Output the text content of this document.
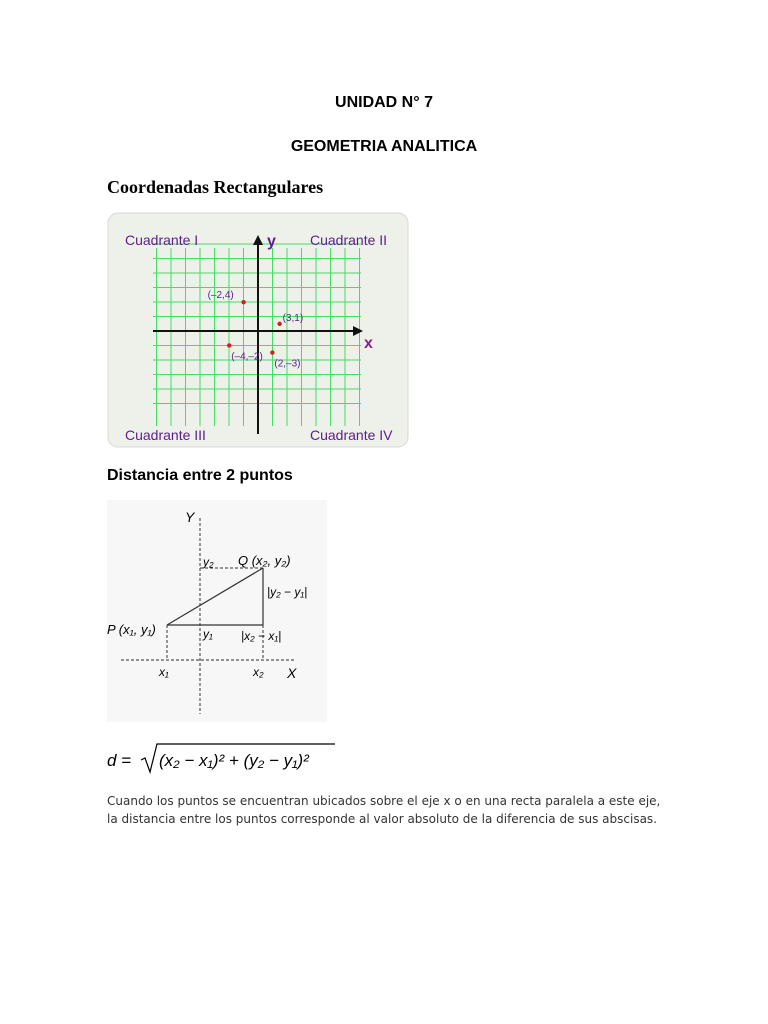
UNIDAD N° 7
GEOMETRIA ANALITICA
Coordenadas Rectangulares
Cuadrante I	Cuadrante II
Cuadrante III	Cuadrante IV
y
x
(–2,4)
(3,1)
(–4,–2)
(2,–3)
Distancia entre 2 puntos
Y
X
Q (x₂, y₂)
P (x₁, y₁)
y₂
y₁
x₁	x₂
|y₂ − y₁|
|x₂ − x₁|
d = (x₂ − x₁)² + (y₂ − y₁)²
Cuando los puntos se encuentran ubicados sobre el eje x o en una recta paralela a este eje, la distancia entre los puntos corresponde al valor absoluto de la diferencia de sus abscisas.
